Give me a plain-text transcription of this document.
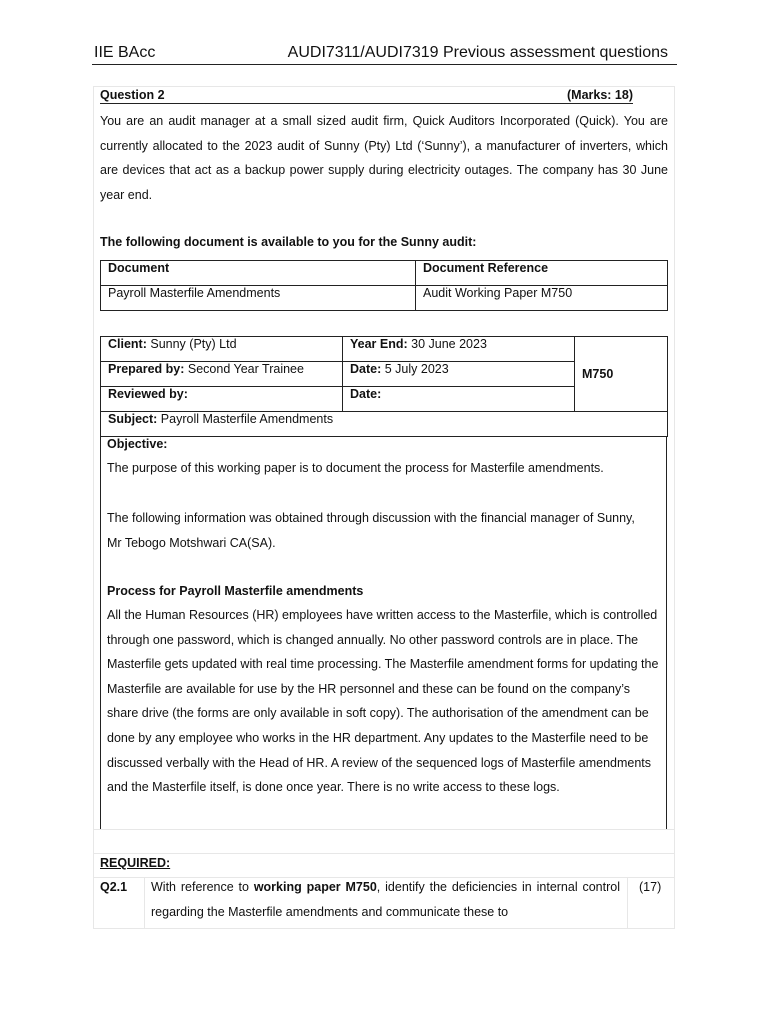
IIE BAcc	AUDI7311/AUDI7319 Previous assessment questions
Question 2	(Marks: 18)
You are an audit manager at a small sized audit firm, Quick Auditors Incorporated (Quick). You are currently allocated to the 2023 audit of Sunny (Pty) Ltd (‘Sunny’), a manufacturer of inverters, which are devices that act as a backup power supply during electricity outages. The company has 30 June year end.
The following document is available to you for the Sunny audit:
Document	Document Reference
Payroll Masterfile Amendments	Audit Working Paper M750
Client: Sunny (Pty) Ltd	Year End: 30 June 2023	M750
Prepared by: Second Year Trainee	Date: 5 July 2023	
Reviewed by:	Date:	
Subject: Payroll Masterfile Amendments		
Objective:
The purpose of this working paper is to document the process for Masterfile amendments.
The following information was obtained through discussion with the financial manager of Sunny, Mr Tebogo Motshwari CA(SA).
Process for Payroll Masterfile amendments
All the Human Resources (HR) employees have written access to the Masterfile, which is controlled through one password, which is changed annually. No other password controls are in place. The Masterfile gets updated with real time processing. The Masterfile amendment forms for updating the Masterfile are available for use by the HR personnel and these can be found on the company’s share drive (the forms are only available in soft copy). The authorisation of the amendment can be done by any employee who works in the HR department. Any updates to the Masterfile need to be discussed verbally with the Head of HR. A review of the sequenced logs of Masterfile amendments and the Masterfile itself, is done once year. There is no write access to these logs.
REQUIRED:
Q2.1 With reference to working paper M750, identify the deficiencies in internal control regarding the Masterfile amendments and communicate these to
(17)
